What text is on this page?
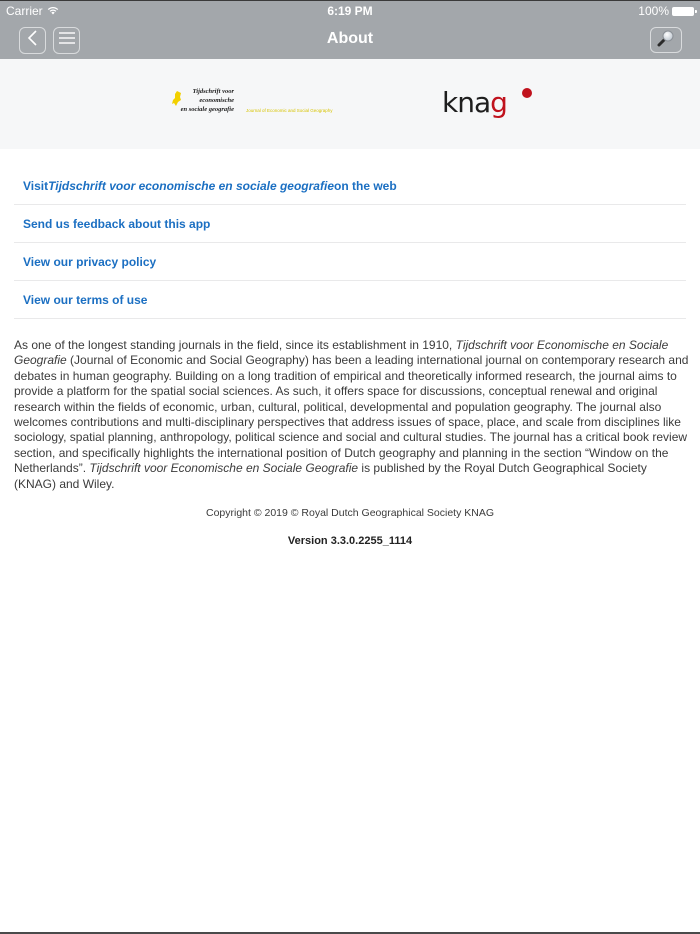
Carrier	6:19 PM	100%
About
Tijdschrift voor
economische
en sociale geografie	Journal of Economic and Social Geography	knag
Visit Tijdschrift voor economische en sociale geografie on the web
Send us feedback about this app
View our privacy policy
View our terms of use
As one of the longest standing journals in the field, since its establishment in 1910, Tijdschrift voor Economische en Sociale Geografie (Journal of Economic and Social Geography) has been a leading international journal on contemporary research and debates in human geography. Building on a long tradition of empirical and theoretically informed research, the journal aims to provide a platform for the spatial social sciences. As such, it offers space for discussions, conceptual renewal and original research within the fields of economic, urban, cultural, political, developmental and population geography. The journal also welcomes contributions and multi-disciplinary perspectives that address issues of space, place, and scale from disciplines like sociology, spatial planning, anthropology, political science and social and cultural studies. The journal has a critical book review section, and specifically highlights the international position of Dutch geography and planning in the section “Window on the Netherlands”. Tijdschrift voor Economische en Sociale Geografie is published by the Royal Dutch Geographical Society (KNAG) and Wiley.
Copyright © 2019 © Royal Dutch Geographical Society KNAG
Version 3.3.0.2255_1114
